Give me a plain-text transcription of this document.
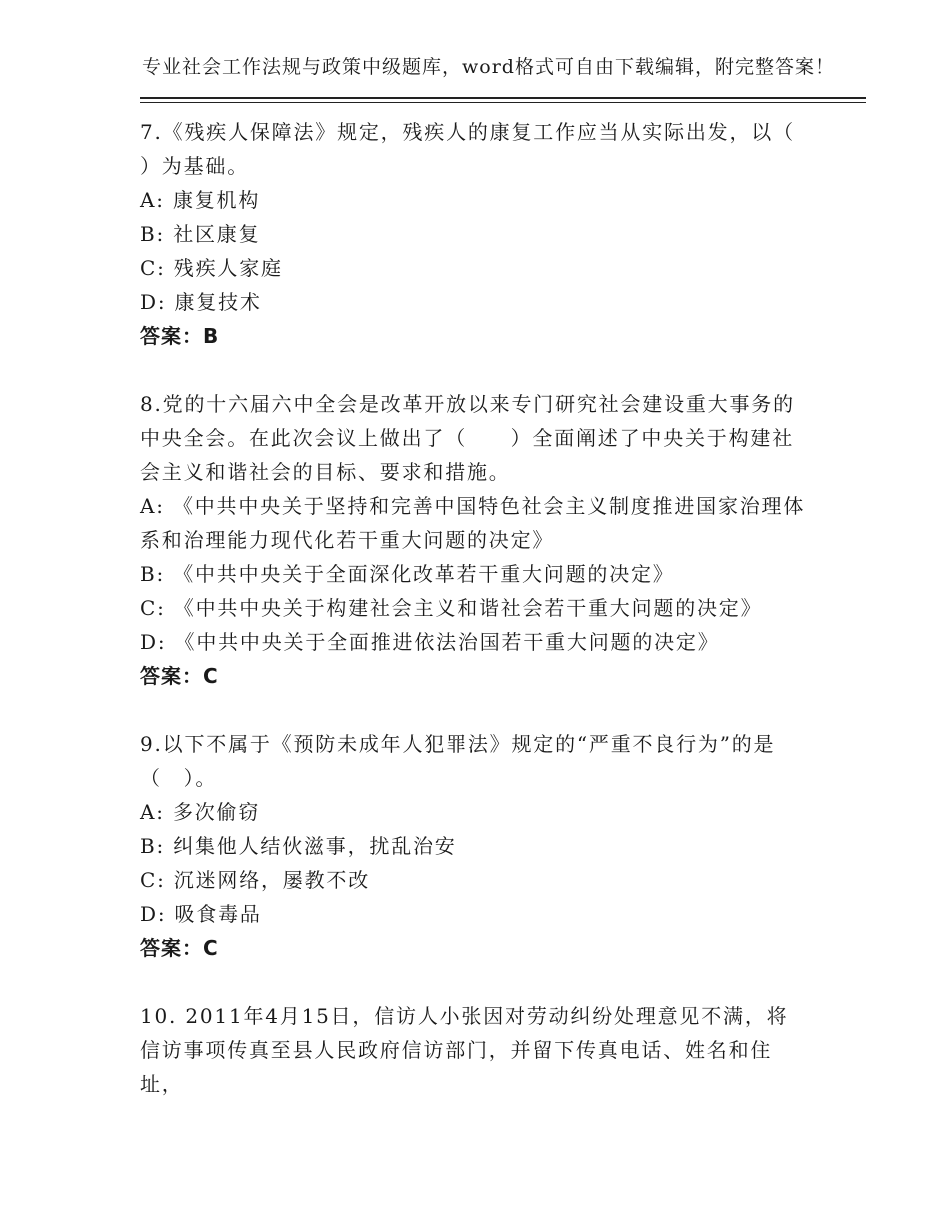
专业社会工作法规与政策中级题库，word格式可自由下载编辑，附完整答案！

7.《残疾人保障法》规定，残疾人的康复工作应当从实际出发，以（ ）为基础。

A: 康复机构

B: 社区康复

C: 残疾人家庭

D: 康复技术

答案：B

8.党的十六届六中全会是改革开放以来专门研究社会建设重大事务的中央全会。在此次会议上做出了（　　）全面阐述了中央关于构建社会主义和谐社会的目标、要求和措施。

A: 《中共中央关于坚持和完善中国特色社会主义制度推进国家治理体系和治理能力现代化若干重大问题的决定》

B: 《中共中央关于全面深化改革若干重大问题的决定》

C: 《中共中央关于构建社会主义和谐社会若干重大问题的决定》

D: 《中共中央关于全面推进依法治国若干重大问题的决定》

答案：C

9.以下不属于《预防未成年人犯罪法》规定的“严重不良行为”的是（　）。

A: 多次偷窃

B: 纠集他人结伙滋事，扰乱治安

C: 沉迷网络，屡教不改

D: 吸食毒品

答案：C

10. 2011年4月15日，信访人小张因对劳动纠纷处理意见不满，将信访事项传真至县人民政府信访部门，并留下传真电话、姓名和住址，
